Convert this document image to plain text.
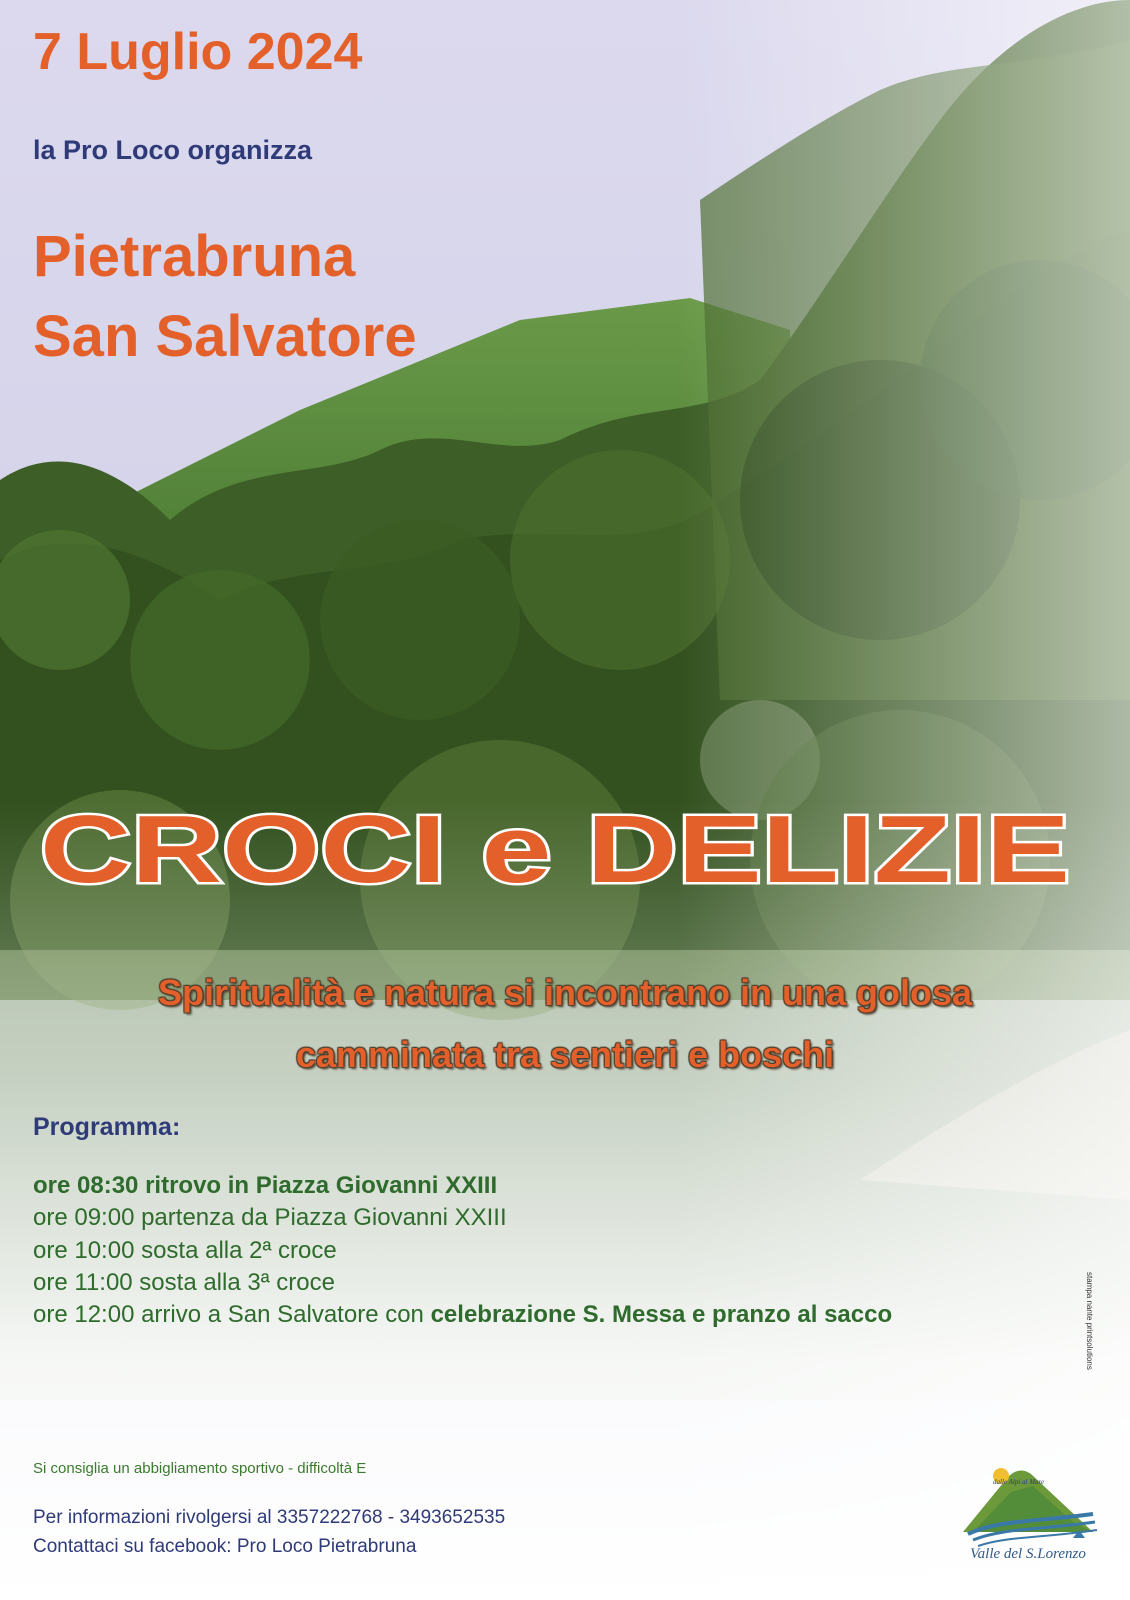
7 Luglio 2024
la Pro Loco organizza
Pietrabruna
San Salvatore
CROCI e DELIZIE
Spiritualità e natura si incontrano in una golosa
camminata tra sentieri e boschi
Programma:
ore 08:30 ritrovo in Piazza Giovanni XXIII
ore 09:00 partenza da Piazza Giovanni XXIII
ore 10:00 sosta alla 2ª croce
ore 11:00 sosta alla 3ª croce
ore 12:00 arrivo a San Salvatore con celebrazione S. Messa e pranzo al sacco
Si consiglia un abbigliamento sportivo - difficoltà E
Per informazioni rivolgersi al 3357222768 - 3493652535
Contattaci su facebook: Pro Loco Pietrabruna
stampa nante printsolutions
dalle Alpi al Mare
Valle del S.Lorenzo
